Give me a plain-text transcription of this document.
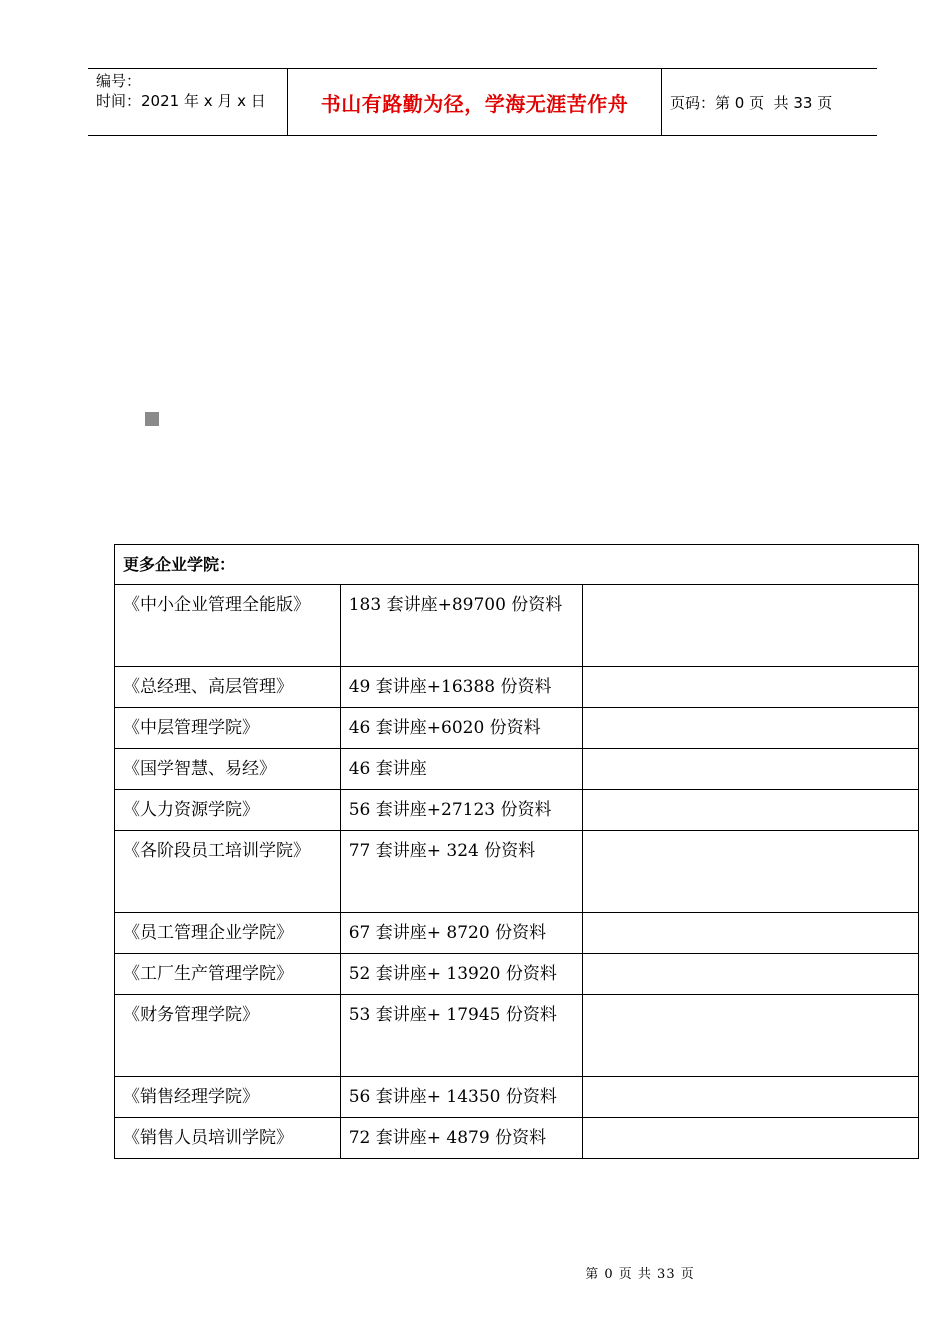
编号：
时间：2021 年 x 月 x 日	书山有路勤为径，学海无涯苦作舟	页码：第 0 页  共 33 页
更多企业学院：		
《中小企业管理全能版》	183 套讲座+89700 份资料	
《总经理、高层管理》	49 套讲座+16388 份资料	
《中层管理学院》	46 套讲座+6020 份资料	
《国学智慧、易经》	46 套讲座	
《人力资源学院》	56 套讲座+27123 份资料	
《各阶段员工培训学院》	77 套讲座+ 324 份资料	
《员工管理企业学院》	67 套讲座+ 8720 份资料	
《工厂生产管理学院》	52 套讲座+ 13920 份资料	
《财务管理学院》	53 套讲座+ 17945 份资料	
《销售经理学院》	56 套讲座+ 14350 份资料	
《销售人员培训学院》	72 套讲座+ 4879 份资料	
第 0 页 共 33 页
